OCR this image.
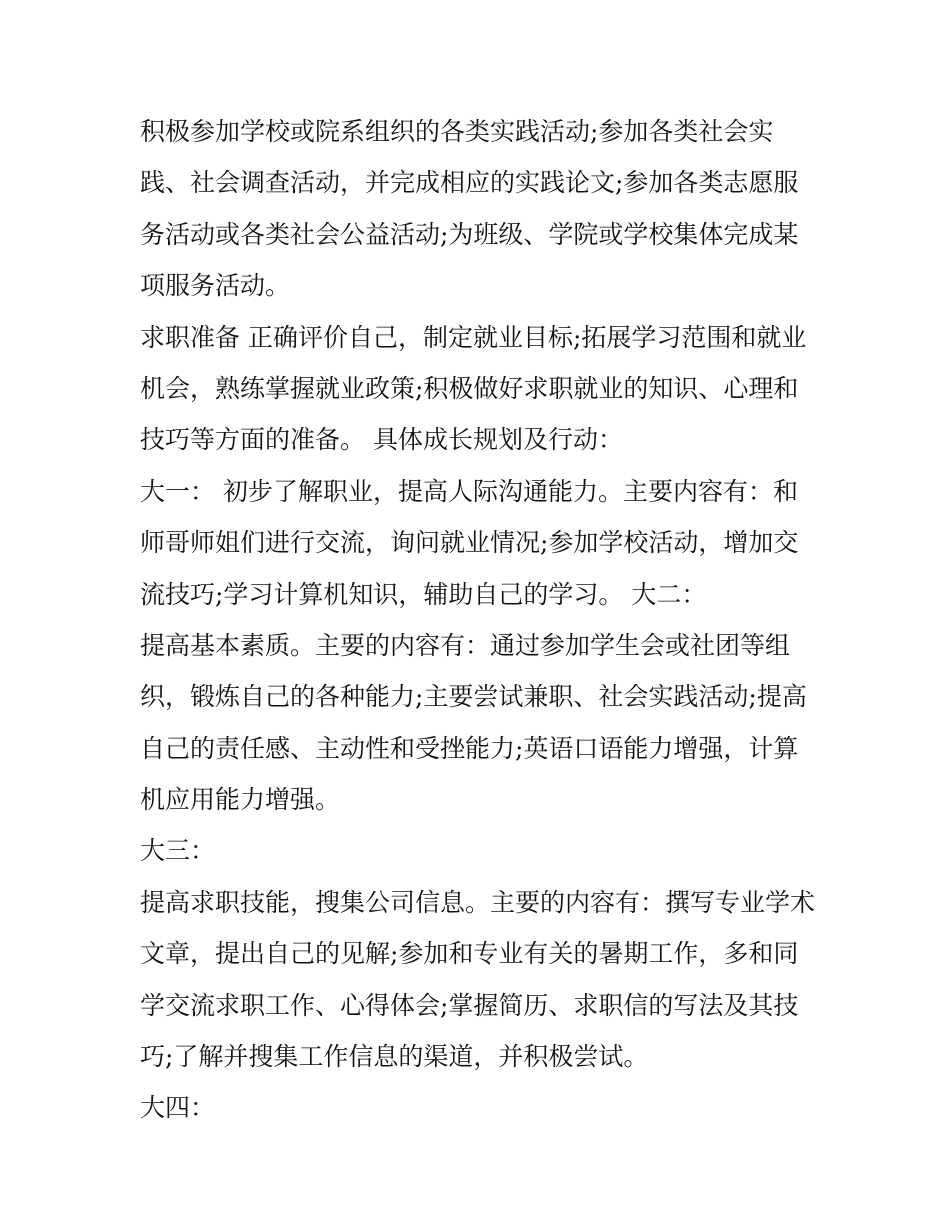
积极参加学校或院系组织的各类实践活动;参加各类社会实
践、社会调查活动，并完成相应的实践论文;参加各类志愿服
务活动或各类社会公益活动;为班级、学院或学校集体完成某
项服务活动。
求职准备 正确评价自己，制定就业目标;拓展学习范围和就业
机会，熟练掌握就业政策;积极做好求职就业的知识、心理和
技巧等方面的准备。 具体成长规划及行动：
大一： 初步了解职业，提高人际沟通能力。主要内容有：和
师哥师姐们进行交流，询问就业情况;参加学校活动，增加交
流技巧;学习计算机知识，辅助自己的学习。 大二：
提高基本素质。主要的内容有：通过参加学生会或社团等组
织，锻炼自己的各种能力;主要尝试兼职、社会实践活动;提高
自己的责任感、主动性和受挫能力;英语口语能力增强，计算
机应用能力增强。
大三：
提高求职技能，搜集公司信息。主要的内容有：撰写专业学术
文章，提出自己的见解;参加和专业有关的暑期工作，多和同
学交流求职工作、心得体会;掌握简历、求职信的写法及其技
巧;了解并搜集工作信息的渠道，并积极尝试。
大四：
